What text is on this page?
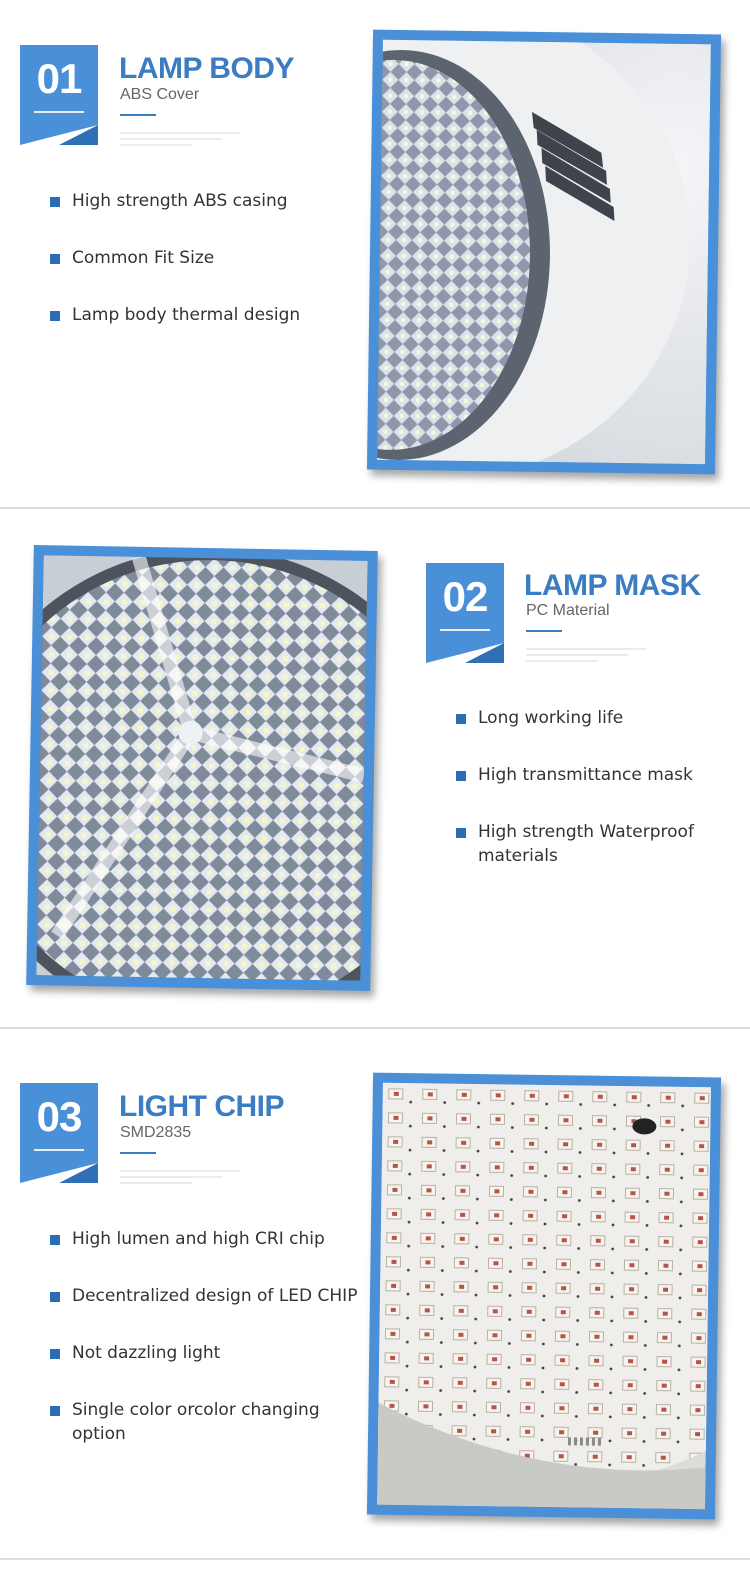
01	LAMP BODY
ABS Cover
High strength ABS casing
Common Fit Size
Lamp body thermal design
02	LAMP MASK
PC Material
Long working life
High transmittance mask
High strength Waterproof
materials
03	LIGHT CHIP
SMD2835
High lumen and high CRI chip
Decentralized design of LED CHIP
Not dazzling light
Single color orcolor changing
option
